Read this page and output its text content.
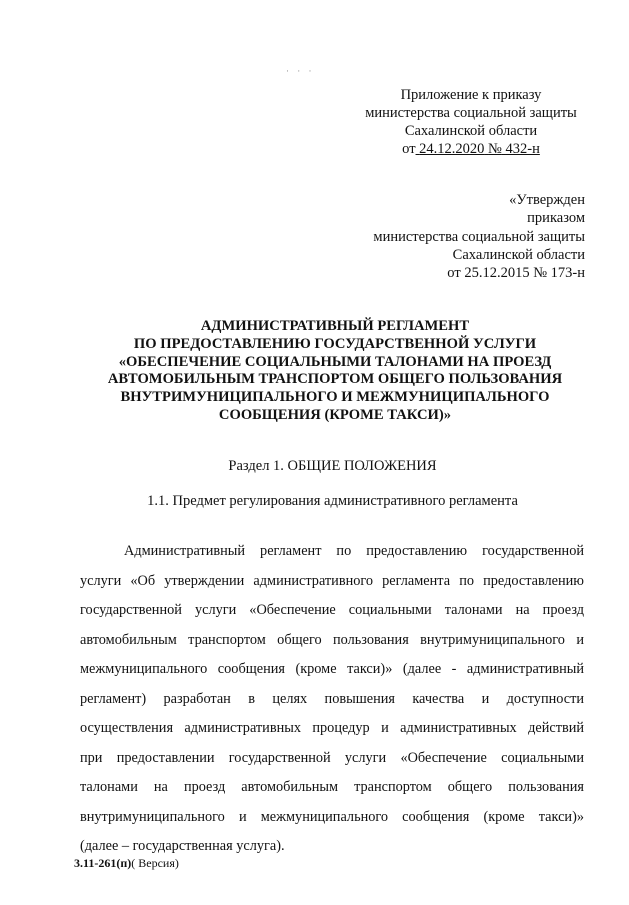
· · ·
Приложение к приказу
министерства социальной защиты
Сахалинской области
от 24.12.2020 № 432-н
«Утвержден
приказом
министерства социальной защиты
Сахалинской области
от 25.12.2015 № 173-н
АДМИНИСТРАТИВНЫЙ РЕГЛАМЕНТ
ПО ПРЕДОСТАВЛЕНИЮ ГОСУДАРСТВЕННОЙ УСЛУГИ
«ОБЕСПЕЧЕНИЕ СОЦИАЛЬНЫМИ ТАЛОНАМИ НА ПРОЕЗД
АВТОМОБИЛЬНЫМ ТРАНСПОРТОМ ОБЩЕГО ПОЛЬЗОВАНИЯ
ВНУТРИМУНИЦИПАЛЬНОГО И МЕЖМУНИЦИПАЛЬНОГО
СООБЩЕНИЯ (КРОМЕ ТАКСИ)»
Раздел 1. ОБЩИЕ ПОЛОЖЕНИЯ
1.1. Предмет регулирования административного регламента
Административный регламент по предоставлению государственной
услуги «Об утверждении административного регламента по предоставлению
государственной услуги «Обеспечение социальными талонами на проезд
автомобильным транспортом общего пользования внутримуниципального и
межмуниципального сообщения (кроме такси)» (далее - административный
регламент) разработан в целях повышения качества и доступности
осуществления административных процедур и административных действий
при предоставлении государственной услуги «Обеспечение социальными
талонами на проезд автомобильным транспортом общего пользования
внутримуниципального и межмуниципального сообщения (кроме такси)»
(далее – государственная услуга).
3.11-261(п)( Версия)
